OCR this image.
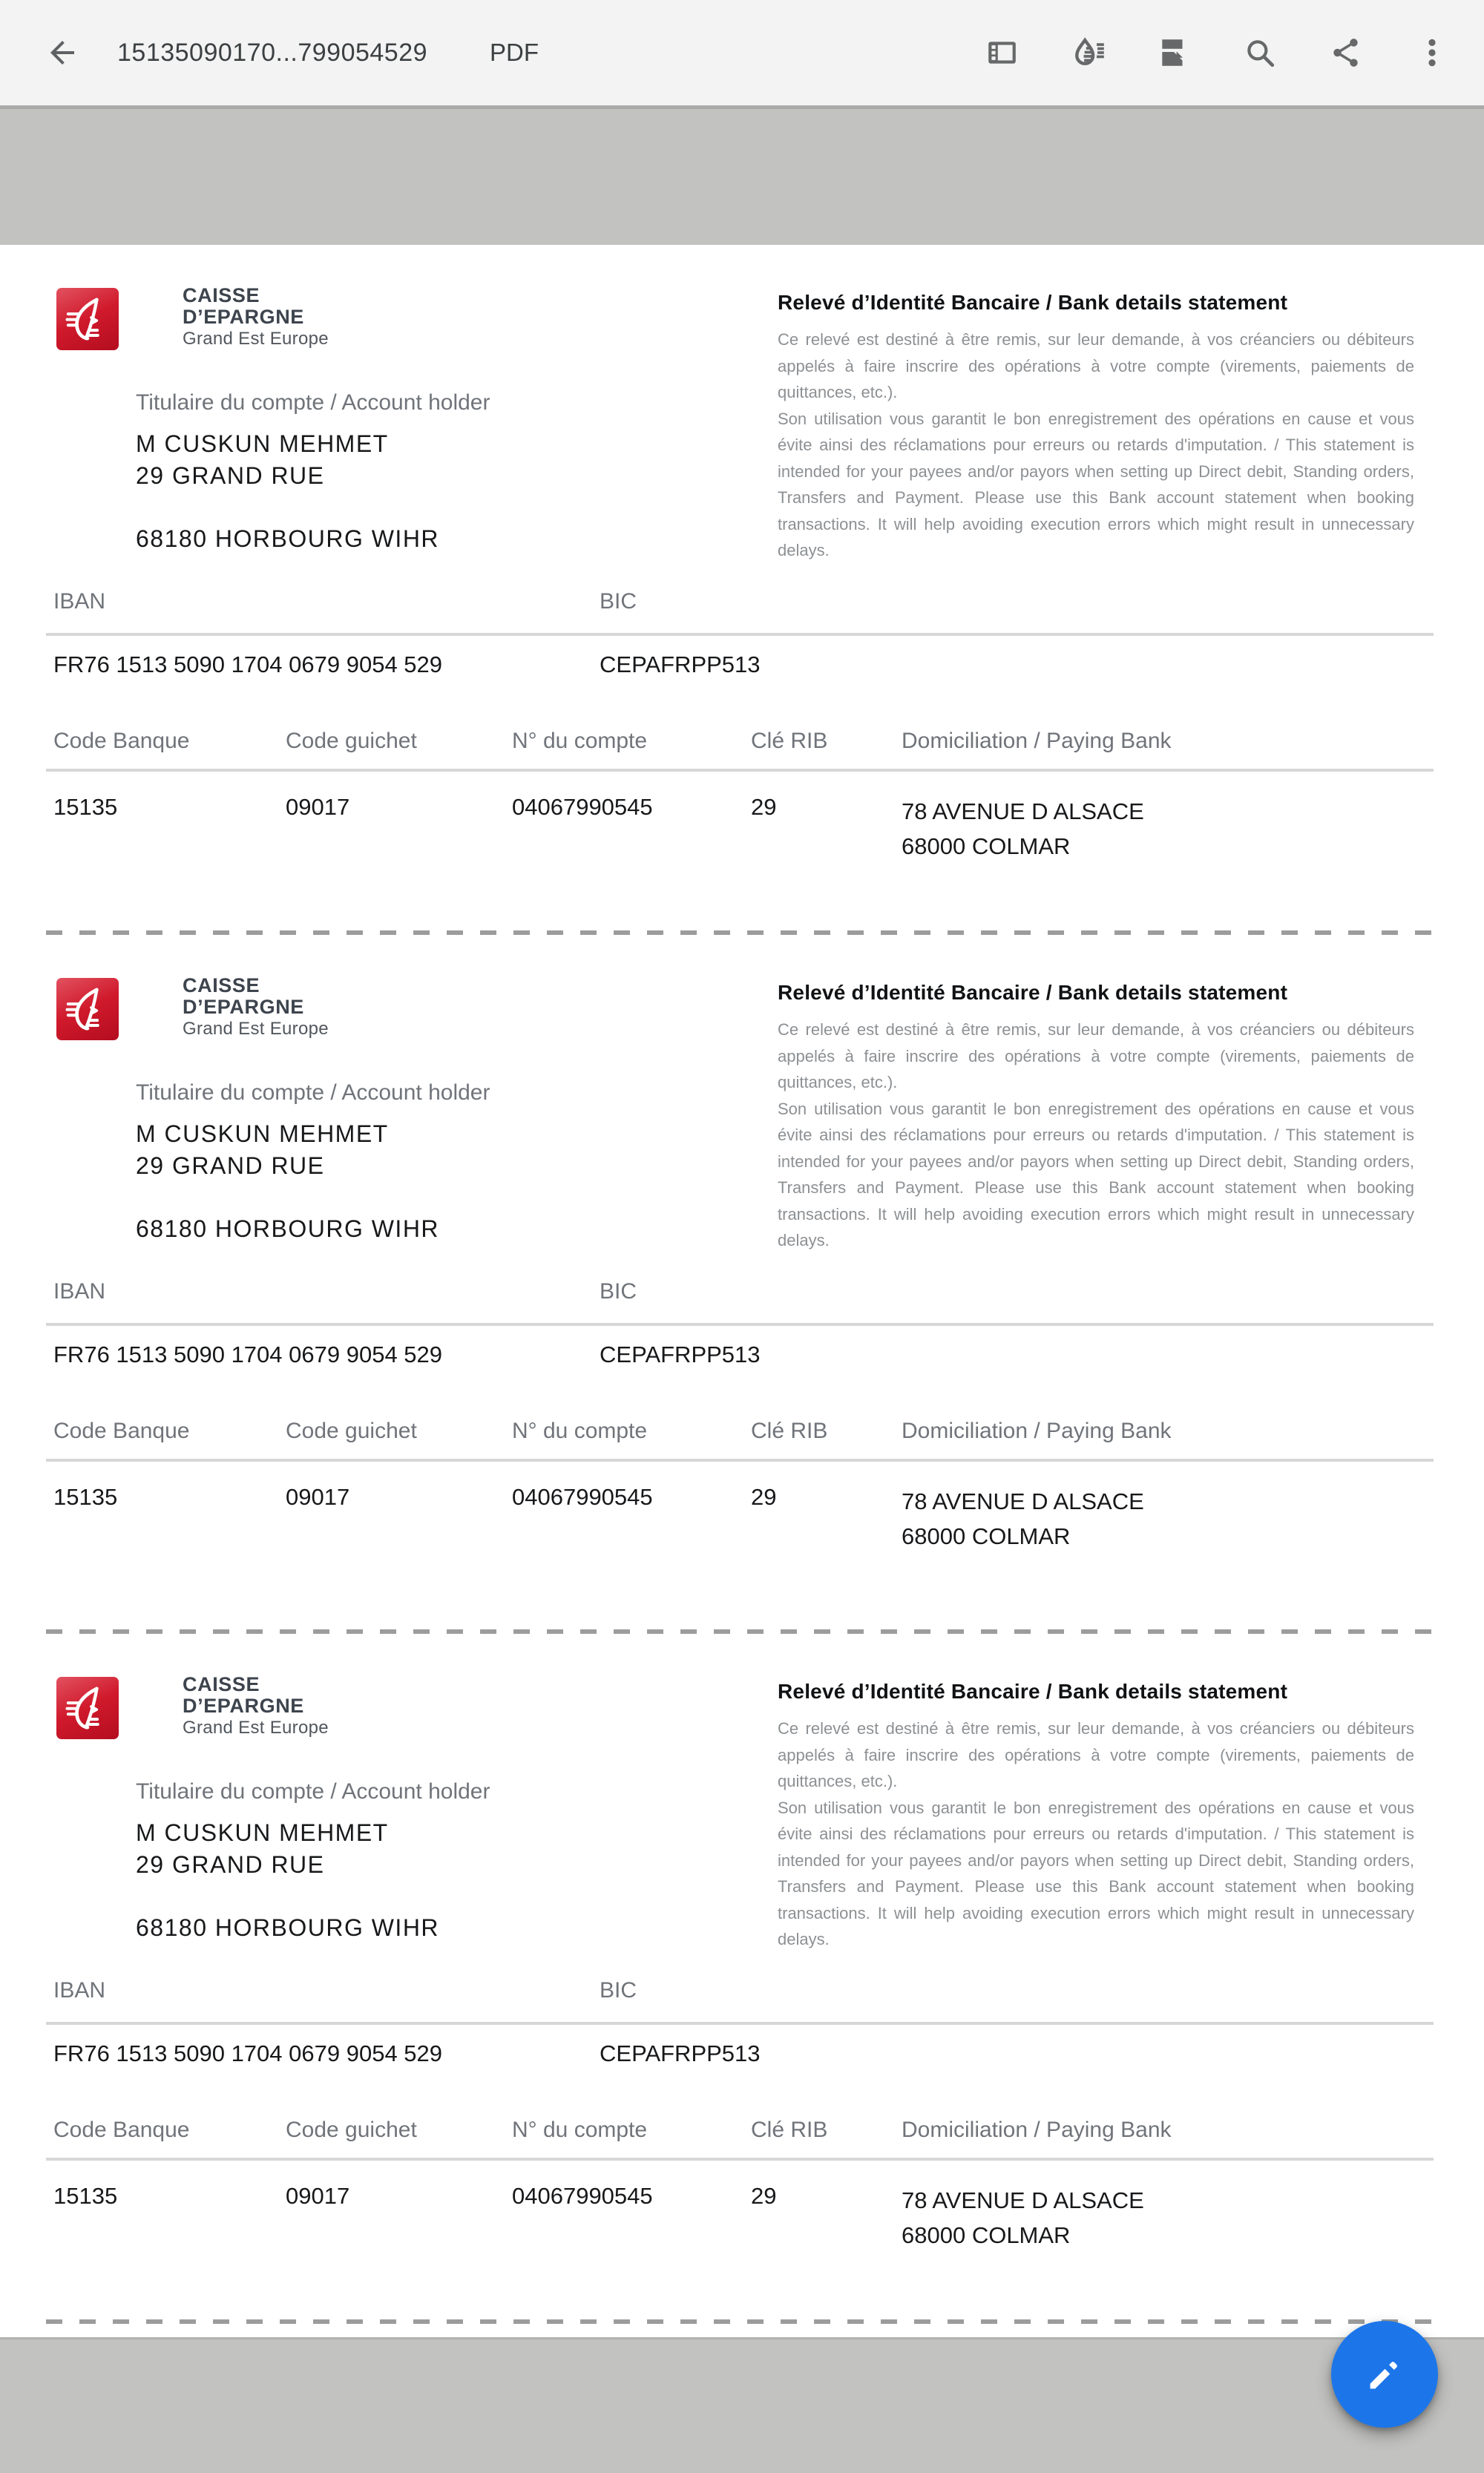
15135090170...799054529	PDF
CAISSE
D’EPARGNE
Grand Est Europe
Relevé d’Identité Bancaire / Bank details statement

Ce relevé est destiné à être remis, sur leur demande, à vos créanciers ou débiteurs appelés à faire inscrire des opérations à votre compte (virements, paiements de quittances, etc.).

Son utilisation vous garantit le bon enregistrement des opérations en cause et vous évite ainsi des réclamations pour erreurs ou retards d'imputation. / This statement is intended for your payees and/or payors when setting up Direct debit, Standing orders, Transfers and Payment. Please use this Bank account statement when booking transactions. It will help avoiding execution errors which might result in unnecessary delays.

Titulaire du compte / Account holder
M CUSKUN MEHMET
29 GRAND RUE
68180 HORBOURG WIHR
IBAN	BIC
FR76 1513 5090 1704 0679 9054 529	CEPAFRPP513
Code Banque	Code guichet	N° du compte	Clé RIB	Domiciliation / Paying Bank
15135	09017	04067990545	29	78 AVENUE D ALSACE
68000 COLMAR
CAISSE
D’EPARGNE
Grand Est Europe
Relevé d’Identité Bancaire / Bank details statement

Ce relevé est destiné à être remis, sur leur demande, à vos créanciers ou débiteurs appelés à faire inscrire des opérations à votre compte (virements, paiements de quittances, etc.).

Son utilisation vous garantit le bon enregistrement des opérations en cause et vous évite ainsi des réclamations pour erreurs ou retards d'imputation. / This statement is intended for your payees and/or payors when setting up Direct debit, Standing orders, Transfers and Payment. Please use this Bank account statement when booking transactions. It will help avoiding execution errors which might result in unnecessary delays.

Titulaire du compte / Account holder
M CUSKUN MEHMET
29 GRAND RUE
68180 HORBOURG WIHR
IBAN	BIC
FR76 1513 5090 1704 0679 9054 529	CEPAFRPP513
Code Banque	Code guichet	N° du compte	Clé RIB	Domiciliation / Paying Bank
15135	09017	04067990545	29	78 AVENUE D ALSACE
68000 COLMAR
CAISSE
D’EPARGNE
Grand Est Europe
Relevé d’Identité Bancaire / Bank details statement

Ce relevé est destiné à être remis, sur leur demande, à vos créanciers ou débiteurs appelés à faire inscrire des opérations à votre compte (virements, paiements de quittances, etc.).

Son utilisation vous garantit le bon enregistrement des opérations en cause et vous évite ainsi des réclamations pour erreurs ou retards d'imputation. / This statement is intended for your payees and/or payors when setting up Direct debit, Standing orders, Transfers and Payment. Please use this Bank account statement when booking transactions. It will help avoiding execution errors which might result in unnecessary delays.

Titulaire du compte / Account holder
M CUSKUN MEHMET
29 GRAND RUE
68180 HORBOURG WIHR
IBAN	BIC
FR76 1513 5090 1704 0679 9054 529	CEPAFRPP513
Code Banque	Code guichet	N° du compte	Clé RIB	Domiciliation / Paying Bank
15135	09017	04067990545	29	78 AVENUE D ALSACE
68000 COLMAR
